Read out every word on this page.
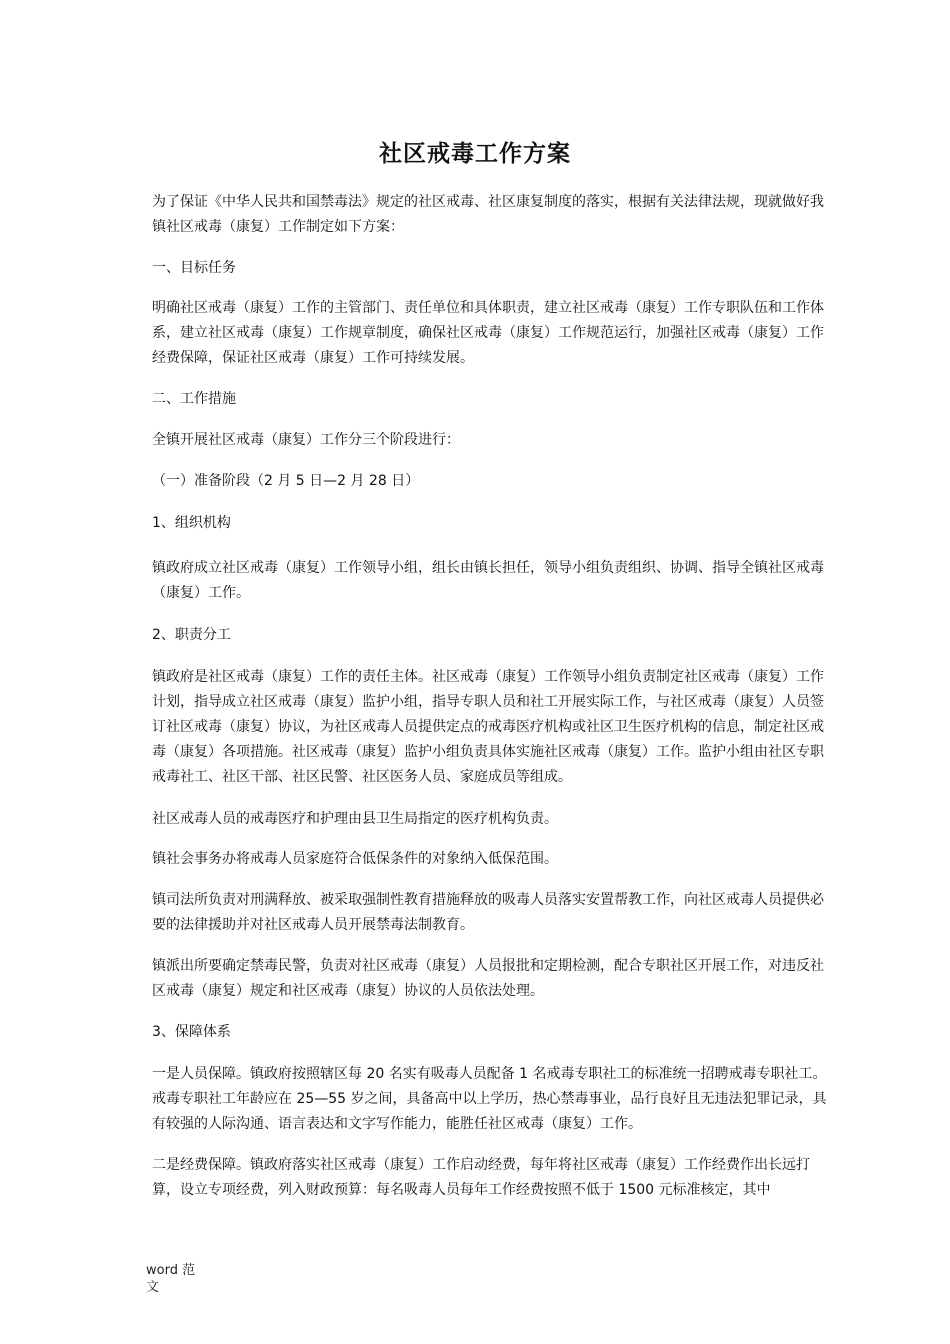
社区戒毒工作方案

为了保证《中华人民共和国禁毒法》规定的社区戒毒、社区康复制度的落实，根据有关法律法规，现就做好我镇社区戒毒（康复）工作制定如下方案：

一、目标任务

明确社区戒毒（康复）工作的主管部门、责任单位和具体职责，建立社区戒毒（康复）工作专职队伍和工作体系，建立社区戒毒（康复）工作规章制度，确保社区戒毒（康复）工作规范运行，加强社区戒毒（康复）工作经费保障，保证社区戒毒（康复）工作可持续发展。

二、工作措施

全镇开展社区戒毒（康复）工作分三个阶段进行：

（一）准备阶段（2 月 5 日—2 月 28 日）

1、组织机构

镇政府成立社区戒毒（康复）工作领导小组，组长由镇长担任，领导小组负责组织、协调、指导全镇社区戒毒（康复）工作。

2、职责分工

镇政府是社区戒毒（康复）工作的责任主体。社区戒毒（康复）工作领导小组负责制定社区戒毒（康复）工作计划，指导成立社区戒毒（康复）监护小组，指导专职人员和社工开展实际工作，与社区戒毒（康复）人员签订社区戒毒（康复）协议，为社区戒毒人员提供定点的戒毒医疗机构或社区卫生医疗机构的信息，制定社区戒毒（康复）各项措施。社区戒毒（康复）监护小组负责具体实施社区戒毒（康复）工作。监护小组由社区专职戒毒社工、社区干部、社区民警、社区医务人员、家庭成员等组成。

社区戒毒人员的戒毒医疗和护理由县卫生局指定的医疗机构负责。

镇社会事务办将戒毒人员家庭符合低保条件的对象纳入低保范围。

镇司法所负责对刑满释放、被采取强制性教育措施释放的吸毒人员落实安置帮教工作，向社区戒毒人员提供必要的法律援助并对社区戒毒人员开展禁毒法制教育。

镇派出所要确定禁毒民警，负责对社区戒毒（康复）人员报批和定期检测，配合专职社区开展工作，对违反社区戒毒（康复）规定和社区戒毒（康复）协议的人员依法处理。

3、保障体系

一是人员保障。镇政府按照辖区每 20 名实有吸毒人员配备 1 名戒毒专职社工的标准统一招聘戒毒专职社工。戒毒专职社工年龄应在 25—55 岁之间，具备高中以上学历，热心禁毒事业，品行良好且无违法犯罪记录，具有较强的人际沟通、语言表达和文字写作能力，能胜任社区戒毒（康复）工作。

二是经费保障。镇政府落实社区戒毒（康复）工作启动经费，每年将社区戒毒（康复）工作经费作出长远打算，设立专项经费，列入财政预算：每名吸毒人员每年工作经费按照不低于 1500 元标准核定，其中

word 范
文
